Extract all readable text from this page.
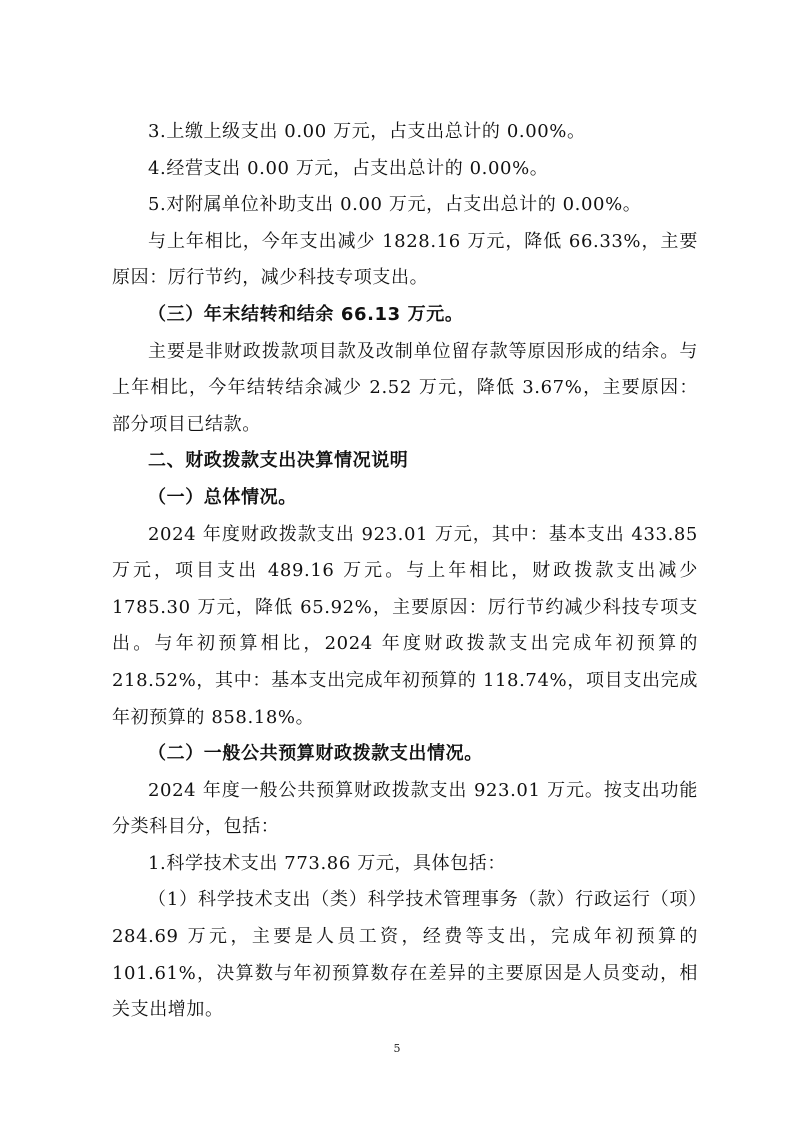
3.上缴上级支出 0.00 万元，占支出总计的 0.00%。

4.经营支出 0.00 万元，占支出总计的 0.00%。

5.对附属单位补助支出 0.00 万元，占支出总计的 0.00%。

与上年相比，今年支出减少 1828.16 万元，降低 66.33%，主要原因：厉行节约，减少科技专项支出。

（三）年末结转和结余 66.13 万元。

主要是非财政拨款项目款及改制单位留存款等原因形成的结余。与上年相比，今年结转结余减少 2.52 万元，降低 3.67%，主要原因：部分项目已结款。

二、财政拨款支出决算情况说明

（一）总体情况。

2024 年度财政拨款支出 923.01 万元，其中：基本支出 433.85 万元，项目支出 489.16 万元。与上年相比，财政拨款支出减少 1785.30 万元，降低 65.92%，主要原因：厉行节约减少科技专项支出。与年初预算相比，2024 年度财政拨款支出完成年初预算的 218.52%，其中：基本支出完成年初预算的 118.74%，项目支出完成年初预算的 858.18%。

（二）一般公共预算财政拨款支出情况。

2024 年度一般公共预算财政拨款支出 923.01 万元。按支出功能分类科目分，包括：

1.科学技术支出 773.86 万元，具体包括：

（1）科学技术支出（类）科学技术管理事务（款）行政运行（项）284.69 万元，主要是人员工资，经费等支出，完成年初预算的 101.61%，决算数与年初预算数存在差异的主要原因是人员变动，相关支出增加。

5
